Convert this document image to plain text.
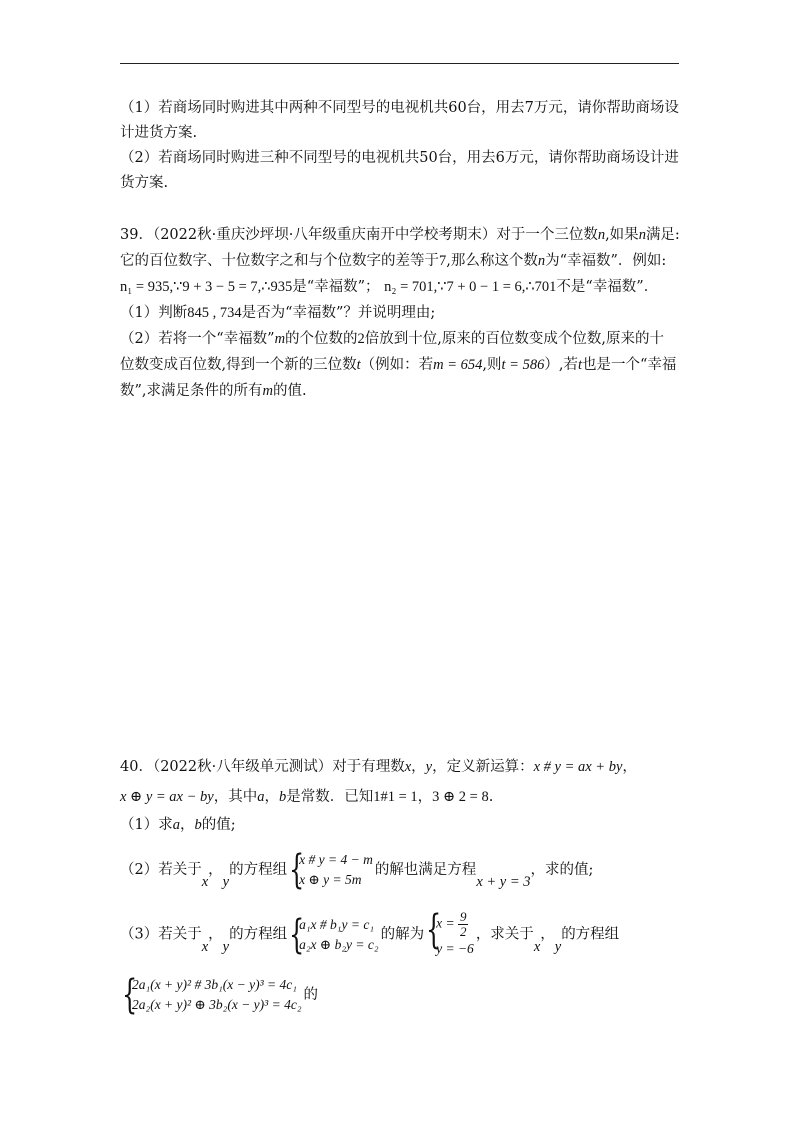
（1）若商场同时购进其中两种不同型号的电视机共60台，用去7万元，请你帮助商场设
计进货方案.
（2）若商场同时购进三种不同型号的电视机共50台，用去6万元，请你帮助商场设计进
货方案.
39．（2022秋·重庆沙坪坝·八年级重庆南开中学校考期末）对于一个三位数n,如果n满足:
它的百位数字、十位数字之和与个位数字的差等于7,那么称这个数n为“幸福数”．例如:
n₁ = 935,∵9 + 3 − 5 = 7,∴935是“幸福数”； n₂ = 701,∵7 + 0 − 1 = 6,∴701不是“幸福数”．
（1）判断845 , 734是否为“幸福数”？并说明理由;
（2）若将一个“幸福数”m的个位数的2倍放到十位,原来的百位数变成个位数,原来的十
位数变成百位数,得到一个新的三位数t（例如：若m = 654,则t = 586）,若t也是一个“幸福
数”,求满足条件的所有m的值.
40．（2022秋·八年级单元测试）对于有理数x，y，定义新运算：x # y = ax + by，
x ⊕ y = ax − by，其中a，b是常数．已知1#1 = 1，3 ⊕ 2 = 8.
（1）求a，b的值;
（2）若关于x，y的方程组 {
x # y = 4 − m
x ⊕ y = 5m
的解也满足方程x + y = 3，求的值;
（3）若关于x，y的方程组 {
a₁x # b₁y = c₁
a₂x ⊕ b₂y = c₂
的解为 {
$x = \frac{9}{2}$
y = −6
，求关于x，y的方程组
{
2a₁(x + y)² # 3b₁(x − y)³ = 4c₁
2a₂(x + y)² ⊕ 3b₂(x − y)³ = 4c₂
的
